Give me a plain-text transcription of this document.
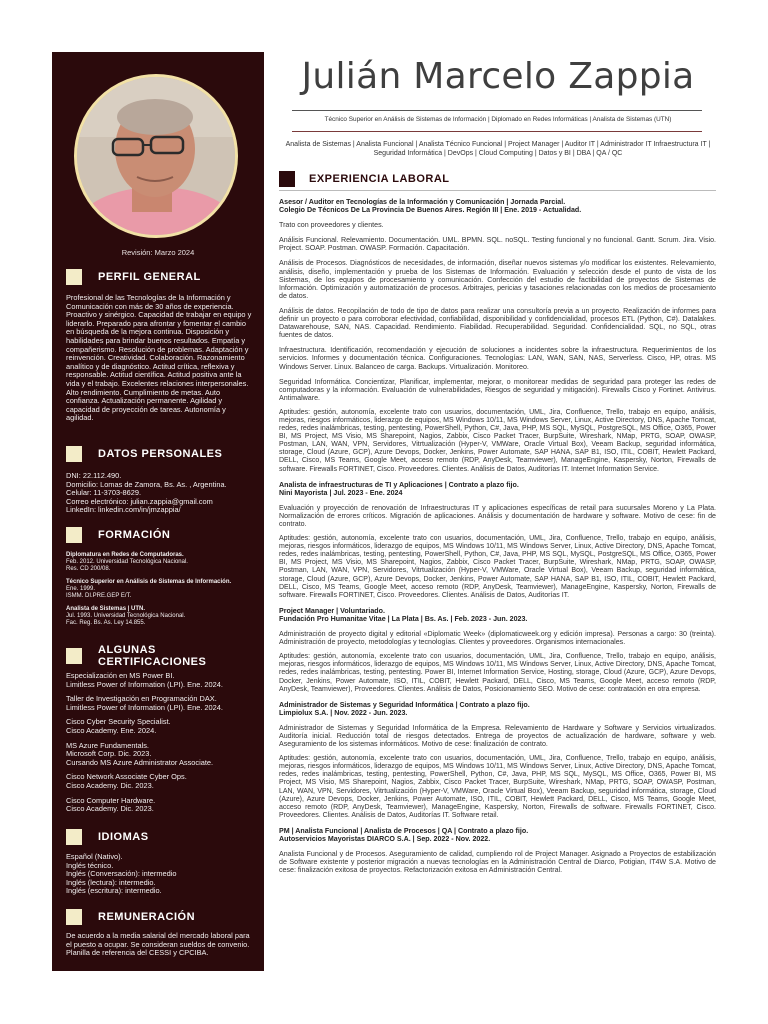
Revisión: Marzo 2024
PERFIL GENERAL

Profesional de las Tecnologías de la Información y Comunicación con más de 30 años de experiencia. Proactivo y sinérgico. Capacidad de trabajar en equipo y liderarlo. Preparado para afrontar y fomentar el cambio en búsqueda de la mejora continua. Disposición y habilidades para brindar buenos resultados. Empatía y compañerismo. Resolución de problemas. Adaptación y reinvención. Creatividad. Colaboración. Razonamiento analítico y de diagnóstico. Actitud crítica, reflexiva y responsable. Actitud científica. Actitud positiva ante la vida y el trabajo. Excelentes relaciones interpersonales. Alto rendimiento. Cumplimiento de metas. Auto confianza. Actualización permanente. Agilidad y capacidad de proyección de tareas. Autonomía y agilidad.

DATOS PERSONALES
DNI: 22.112.490.
Domicilio: Lomas de Zamora, Bs. As. , Argentina.
Celular: 11-3703-8629.
Correo electrónico: julian.zappia@gmail.com
LinkedIn: linkedin.com/in/jmzappia/
FORMACIÓN

Diplomatura en Redes de Computadoras.
Feb. 2012. Universidad Tecnológica Nacional.
Res. CD 200/08.

Técnico Superior en Análisis de Sistemas de Información.
Ene. 1999.
ISMM. DI.PRE.GEP E/T.

Analista de Sistemas | UTN.
Jul. 1993. Universidad Tecnológica Nacional.
Fac. Reg. Bs. As. Ley 14.855.

ALGUNAS CERTIFICACIONES

Especialización en MS Power BI.
Limitless Power of Information (LPI). Ene. 2024.

Taller de Investigación en Programación DAX.
Limitless Power of Information (LPI). Ene. 2024.

Cisco Cyber Security Specialist.
Cisco Academy. Ene. 2024.

MS Azure Fundamentals.
Microsoft Corp. Dic. 2023.
Cursando MS Azure Administrator Associate.

Cisco Network Associate Cyber Ops.
Cisco Academy. Dic. 2023.

Cisco Computer Hardware.
Cisco Academy. Dic. 2023.

IDIOMAS
Español (Nativo).
Inglés técnico.
Inglés (Conversación): intermedio
Inglés (lectura): intermedio.
Inglés (escritura): intermedio.
REMUNERACIÓN

De acuerdo a la media salarial del mercado laboral para el puesto a ocupar. Se consideran sueldos de convenio. Planilla de referencia del CESSI y CPCIBA.

Julián Marcelo Zappia
Técnico Superior en Análisis de Sistemas de Información | Diplomado en Redes Informáticas | Analista de Sistemas (UTN)
Analista de Sistemas | Analista Funcional | Analista Técnico Funcional | Project Manager | Auditor IT | Administrador IT Infraestructura IT | Seguridad Informática | DevOps | Cloud Computing | Datos y BI | DBA | QA / QC
EXPERIENCIA LABORAL
Asesor / Auditor en Tecnologías de la Información y Comunicación | Jornada Parcial.
Colegio De Técnicos De La Provincia De Buenos Aires. Región III | Ene. 2019 - Actualidad.

Trato con proveedores y clientes.

Análisis Funcional. Relevamiento. Documentación. UML. BPMN. SQL. noSQL. Testing funcional y no funcional. Gantt. Scrum. Jira. Visio. Project. SOAP. Postman. OWASP. Formación. Capacitación.

Análisis de Procesos. Diagnósticos de necesidades, de información, diseñar nuevos sistemas y/o modificar los existentes. Relevamiento, análisis, diseño, implementación y prueba de los Sistemas de Información. Evaluación y selección desde el punto de vista de los Sistemas, de los equipos de procesamiento y comunicación. Confección del estudio de factibilidad de proyectos de Sistemas de Información. Optimización y automatización de procesos. Arbitrajes, pericias y tasaciones relacionadas con los medios de procesamiento de datos.

Análisis de datos. Recopilación de todo de tipo de datos para realizar una consultoría previa a un proyecto. Realización de informes para definir un proyecto o para corroborar efectividad, confiabilidad, disponibilidad y confidencialidad, procesos ETL (Python, C#). Datalakes. Datawarehouse, SAN, NAS. Capacidad. Rendimiento. Fiabilidad. Recuperabilidad. Seguridad. Confidencialidad. SQL, no SQL, otras fuentes de datos.

Infraestructura. Identificación, recomendación y ejecución de soluciones a incidentes sobre la infraestructura. Requerimientos de los servicios. Informes y documentación técnica. Configuraciones. Tecnologías: LAN, WAN, SAN, NAS, Serverless. Cisco, HP, otras. MS Windows Server. Linux. Balanceo de carga. Backups. Virtualización. Monitoreo.

Seguridad Informática. Concientizar, Planificar, implementar, mejorar, o monitorear medidas de seguridad para proteger las redes de computadoras y la información. Evaluación de vulnerabilidades, Riesgos de seguridad y mitigación). Firewalls Cisco y Fortinet. Antivirus. Antimalware.

Aptitudes: gestión, autonomía, excelente trato con usuarios, documentación, UML, Jira, Confluence, Trello, trabajo en equipo, análisis, mejoras, riesgos informáticos, liderazgo de equipos, MS Windows 10/11, MS Windows Server, Linux, Active Directory, DNS, Apache Tomcat, redes, redes inalámbricas, testing, pentesting, PowerShell, Python, C#, Java, PHP, MS SQL, MySQL, PostgreSQL, MS Office, O365, Power BI, MS Project, MS Visio, MS Sharepoint, Nagios, Zabbix, Cisco Packet Tracer, BurpSuite, Wireshark, NMap, PRTG, SOAP, OWASP, Postman, LAN, WAN, VPN, Servidores, Vitrtualización (Hyper-V, VMWare, Oracle Virtual Box), Veeam Backup, seguridad informática, storage, Cloud (Azure, GCP), Azure Devops, Docker, Jenkins, Power Automate, SAP HANA, SAP B1, ISO, ITIL, COBIT, Hewlett Packard, DELL, Cisco, MS Teams, Google Meet, acceso remoto (RDP, AnyDesk, Teamviewer), ManageEngine, Kaspersky, Norton, Firewalls de software. Firewalls FORTINET, Cisco. Proveedores. Clientes. Análisis de Datos, Auditorías IT. Internet Information Service.

Analista de infraestructuras de TI y Aplicaciones | Contrato a plazo fijo.
Nini Mayorista | Jul. 2023 - Ene. 2024

Evaluación y proyección de renovación de Infraestructuras IT y aplicaciones específicas de retail para sucursales Moreno y La Plata. Normalización de errores críticos. Migración de aplicaciones. Análisis y documentación de hardware y software. Motivo de cese: fin de contrato.

Aptitudes: gestión, autonomía, excelente trato con usuarios, documentación, UML, Jira, Confluence, Trello, trabajo en equipo, análisis, mejoras, riesgos informáticos, liderazgo de equipos, MS Windows 10/11, MS Windows Server, Linux, Active Directory, DNS, Apache Tomcat, redes, redes inalámbricas, testing, pentesting, PowerShell, Python, C#, Java, PHP, MS SQL, MySQL, PostgreSQL, MS Office, O365, Power BI, MS Project, MS Visio, MS Sharepoint, Nagios, Zabbix, Cisco Packet Tracer, BurpSuite, Wireshark, NMap, PRTG, SOAP, OWASP, Postman, LAN, WAN, VPN, Servidores, Vitrtualización (Hyper-V, VMWare, Oracle Virtual Box), Veeam Backup, seguridad informática, storage, Cloud (Azure, GCP), Azure Devops, Docker, Jenkins, Power Automate, SAP HANA, SAP B1, ISO, ITIL, COBIT, Hewlett Packard, DELL, Cisco, MS Teams, Google Meet, acceso remoto (RDP, AnyDesk, Teamviewer), ManageEngine, Kaspersky, Norton, Firewalls de software. Firewalls FORTINET, Cisco. Proveedores. Clientes. Análisis de Datos, Auditorías IT.

Project Manager | Voluntariado.
Fundación Pro Humanitae Vitae | La Plata | Bs. As. | Feb. 2023 - Jun. 2023.

Administración de proyecto digital y editorial «Diplomatic Week» (diplomaticweek.org y edición impresa). Personas a cargo: 30 (treinta). Administración de proyecto, metodologías y tecnologías. Clientes y proveedores. Organismos internacionales.

Aptitudes: gestión, autonomía, excelente trato con usuarios, documentación, UML, Jira, Confluence, Trello, trabajo en equipo, análisis, mejoras, riesgos informáticos, liderazgo de equipos, MS Windows 10/11, MS Windows Server, Linux, Active Directory, DNS, Apache Tomcat, redes, redes inalámbricas, testing, pentesting. Power BI, Internet Information Service, Hosting, storage, Cloud (Azure, GCP), Azure Devops, Docker, Jenkins, Power Automate, ISO, ITIL, COBIT, Hewlett Packard, DELL, Cisco, MS Teams, Google Meet, acceso remoto (RDP, AnyDesk, Teamviewer), Proveedores. Clientes. Análisis de Datos, Posicionamiento SEO. Motivo de cese: contratación en otra empresa.

Administrador de Sistemas y Seguridad Informática | Contrato a plazo fijo.
Limpiolux S.A. | Nov. 2022 - Jun. 2023.

Administrador de Sistemas y Seguridad Informática de la Empresa. Relevamiento de Hardware y Software y Servicios virtualizados. Auditoría inicial. Reducción total de riesgos detectados. Entrega de proyectos de actualización de hardware, software y web. Aseguramiento de los sistemas informáticos. Motivo de cese: finalización de contrato.

Aptitudes: gestión, autonomía, excelente trato con usuarios, documentación, UML, Jira, Confluence, Trello, trabajo en equipo, análisis, mejoras, riesgos informáticos, liderazgo de equipos, MS Windows 10/11, MS Windows Server, Linux, Active Directory, DNS, Apache Tomcat, redes, redes inalámbricas, testing, pentesting, PowerShell, Python, C#, Java, PHP, MS SQL, MySQL, MS Office, O365, Power BI, MS Project, MS Visio, MS Sharepoint, Nagios, Zabbix, Cisco Packet Tracer, BurpSuite, Wireshark, NMap, PRTG, SOAP, OWASP, Postman, LAN, WAN, VPN, Servidores, Vitrtualización (Hyper-V, VMWare, Oracle Virtual Box), Veeam Backup, seguridad informática, storage, Cloud (Azure), Azure Devops, Docker, Jenkins, Power Automate, ISO, ITIL, COBIT, Hewlett Packard, DELL, Cisco, MS Teams, Google Meet, acceso remoto (RDP, AnyDesk, Teamviewer), ManageEngine, Kaspersky, Norton, Firewalls de software. Firewalls FORTINET, Cisco. Proveedores. Clientes. Análisis de Datos, Auditorías IT. Software retail.

PM | Analista Funcional | Analista de Procesos | QA | Contrato a plazo fijo.
Autoservicios Mayoristas DIARCO S.A. | Sep. 2022 - Nov. 2022.

Analista Funcional y de Procesos. Aseguramiento de calidad, cumpliendo rol de Project Manager. Asignado a Proyectos de estabilización de Software existente y posterior migración a nuevas tecnologías en la Administración Central de Diarco, Potigian, IT4W S.A. Motivo de cese: finalización exitosa de proyectos. Refactorización exitosa en Administración Central.
